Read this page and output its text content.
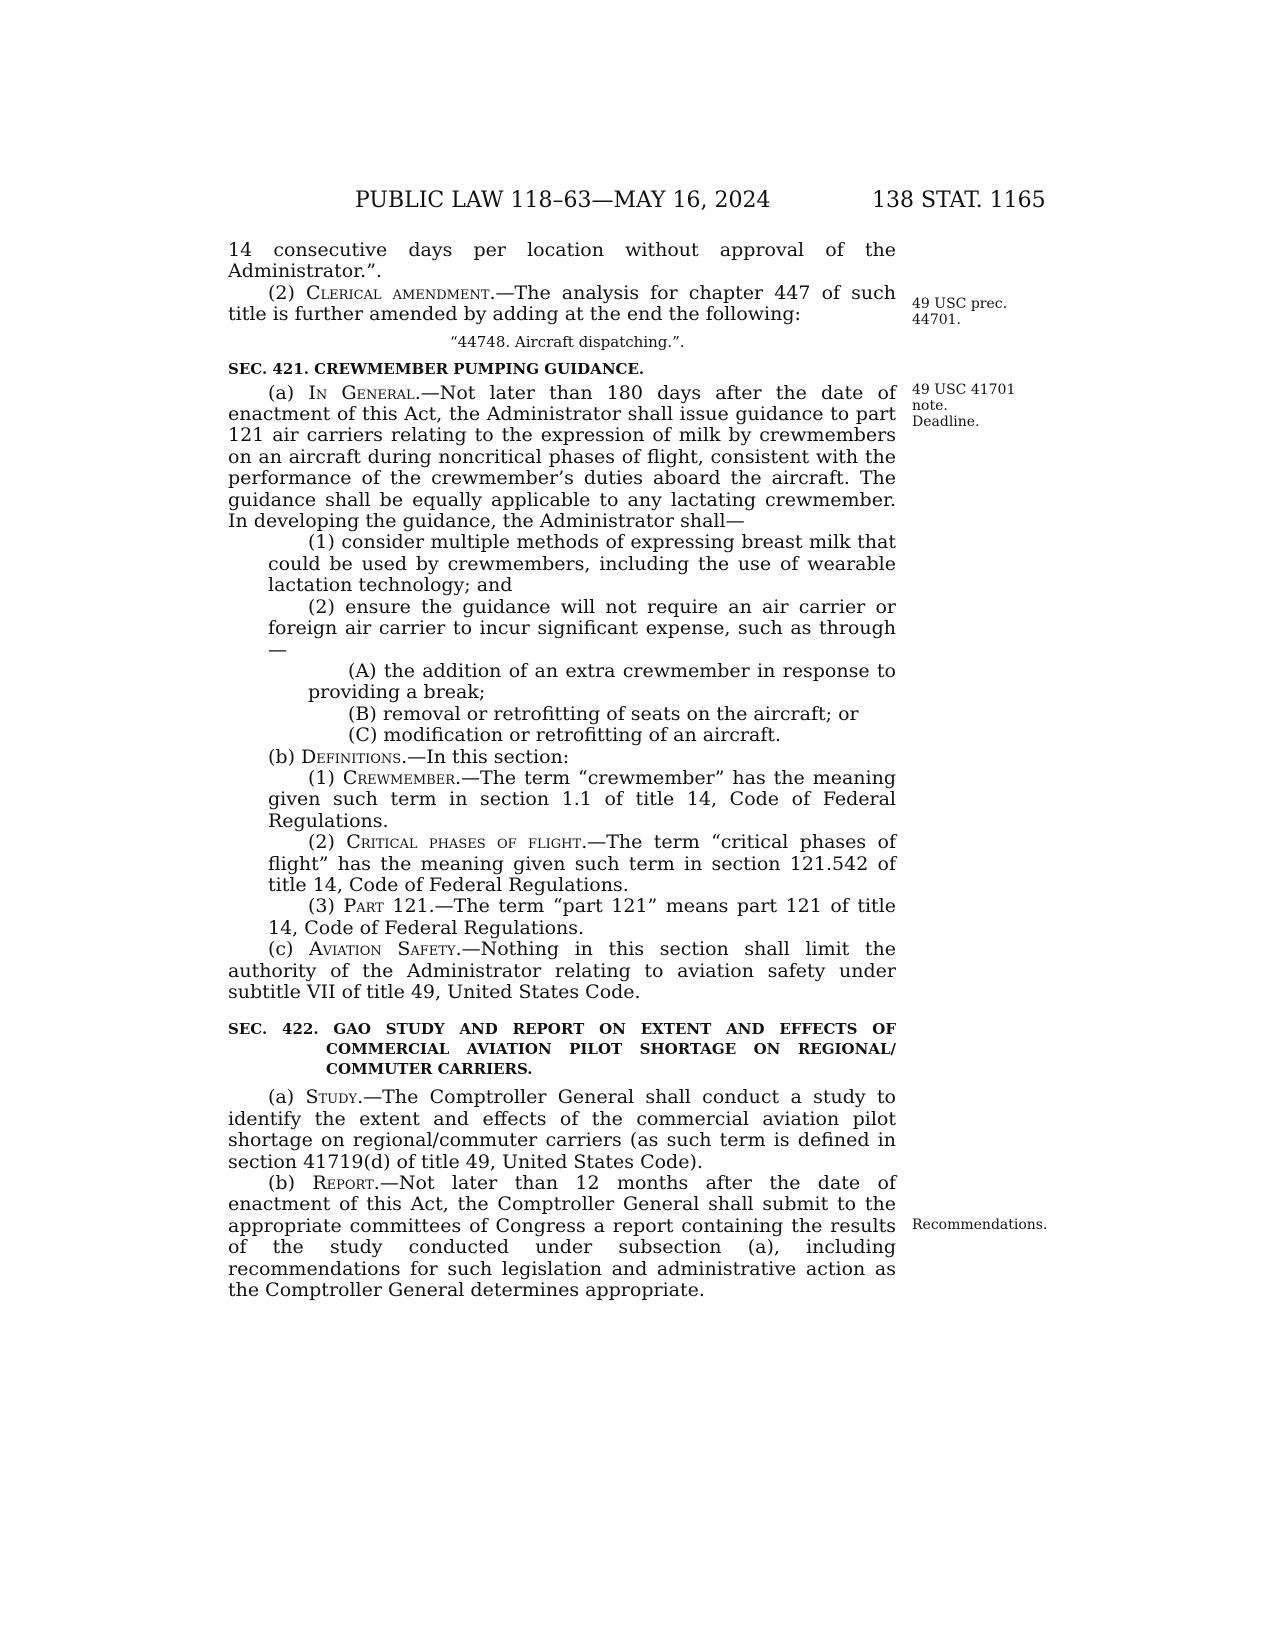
PUBLIC LAW 118–63—MAY 16, 2024	138 STAT. 1165

14 consecutive days per location without approval of the Administrator.”.

(2) Clerical amendment.—The analysis for chapter 447 of such title is further amended by adding at the end the following:

“44748. Aircraft dispatching.”.

SEC. 421. CREWMEMBER PUMPING GUIDANCE.

(a) In General.—Not later than 180 days after the date of enactment of this Act, the Administrator shall issue guidance to part 121 air carriers relating to the expression of milk by crewmembers on an aircraft during noncritical phases of flight, consistent with the performance of the crewmember’s duties aboard the aircraft. The guidance shall be equally applicable to any lactating crewmember. In developing the guidance, the Administrator shall—

(1) consider multiple methods of expressing breast milk that could be used by crewmembers, including the use of wearable lactation technology; and

(2) ensure the guidance will not require an air carrier or foreign air carrier to incur significant expense, such as through—

(A) the addition of an extra crewmember in response to providing a break;

(B) removal or retrofitting of seats on the aircraft; or

(C) modification or retrofitting of an aircraft.

(b) Definitions.—In this section:

(1) Crewmember.—The term “crewmember” has the meaning given such term in section 1.1 of title 14, Code of Federal Regulations.

(2) Critical phases of flight.—The term “critical phases of flight” has the meaning given such term in section 121.542 of title 14, Code of Federal Regulations.

(3) Part 121.—The term “part 121” means part 121 of title 14, Code of Federal Regulations.

(c) Aviation Safety.—Nothing in this section shall limit the authority of the Administrator relating to aviation safety under subtitle VII of title 49, United States Code.

SEC. 422. GAO STUDY AND REPORT ON EXTENT AND EFFECTS OF COMMERCIAL AVIATION PILOT SHORTAGE ON REGIONAL/ COMMUTER CARRIERS.

(a) Study.—The Comptroller General shall conduct a study to identify the extent and effects of the commercial aviation pilot shortage on regional/commuter carriers (as such term is defined in section 41719(d) of title 49, United States Code).

(b) Report.—Not later than 12 months after the date of enactment of this Act, the Comptroller General shall submit to the appropriate committees of Congress a report containing the results of the study conducted under subsection (a), including recommendations for such legislation and administrative action as the Comptroller General determines appropriate.

49 USC prec. 44701.

49 USC 41701 note.

Deadline.

Recommendations.
